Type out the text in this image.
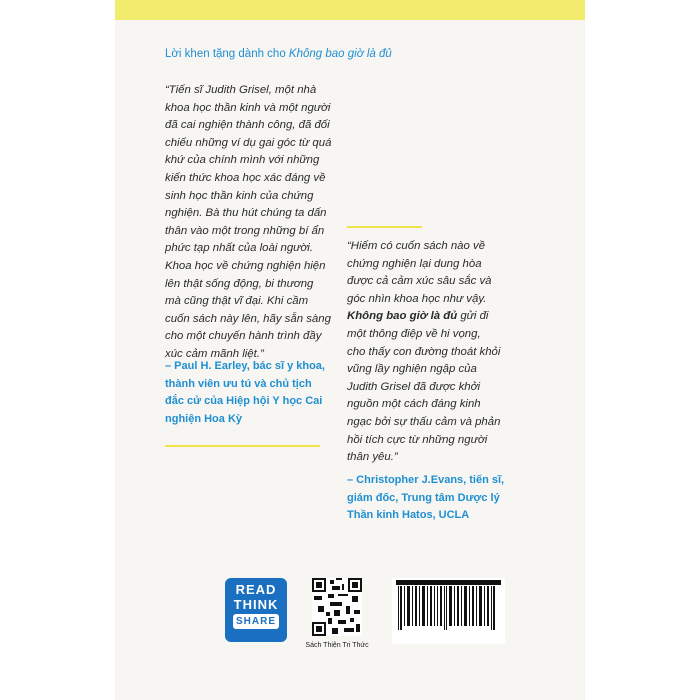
Lời khen tặng dành cho Không bao giờ là đủ
“Tiến sĩ Judith Grisel, một nhà
khoa học thần kinh và một người
đã cai nghiện thành công, đã đối
chiếu những ví dụ gai góc từ quá
khứ của chính mình với những
kiến thức khoa học xác đáng về
sinh học thần kinh của chứng
nghiện. Bà thu hút chúng ta dấn
thân vào một trong những bí ẩn
phức tạp nhất của loài người.
Khoa học về chứng nghiện hiện
lên thật sống động, bi thương
mà cũng thật vĩ đại. Khi cầm
cuốn sách này lên, hãy sẵn sàng
cho một chuyến hành trình đầy
xúc cảm mãnh liệt.”
– Paul H. Earley, bác sĩ y khoa,
thành viên ưu tú và chủ tịch
đắc cử của Hiệp hội Y học Cai
nghiện Hoa Kỳ
“Hiếm có cuốn sách nào về
chứng nghiện lại dung hòa
được cả cảm xúc sâu sắc và
góc nhìn khoa học như vậy.
Không bao giờ là đủ gửi đi
một thông điệp về hi vọng,
cho thấy con đường thoát khỏi
vũng lầy nghiện ngập của
Judith Grisel đã được khởi
nguồn một cách đáng kinh
ngạc bởi sự thấu cảm và phản
hồi tích cực từ những người
thân yêu.”
– Christopher J.Evans, tiến sĩ,
giám đốc, Trung tâm Dược lý
Thần kinh Hatos, UCLA
READ
THINK
SHARE
Sách Thiện Tri Thức
